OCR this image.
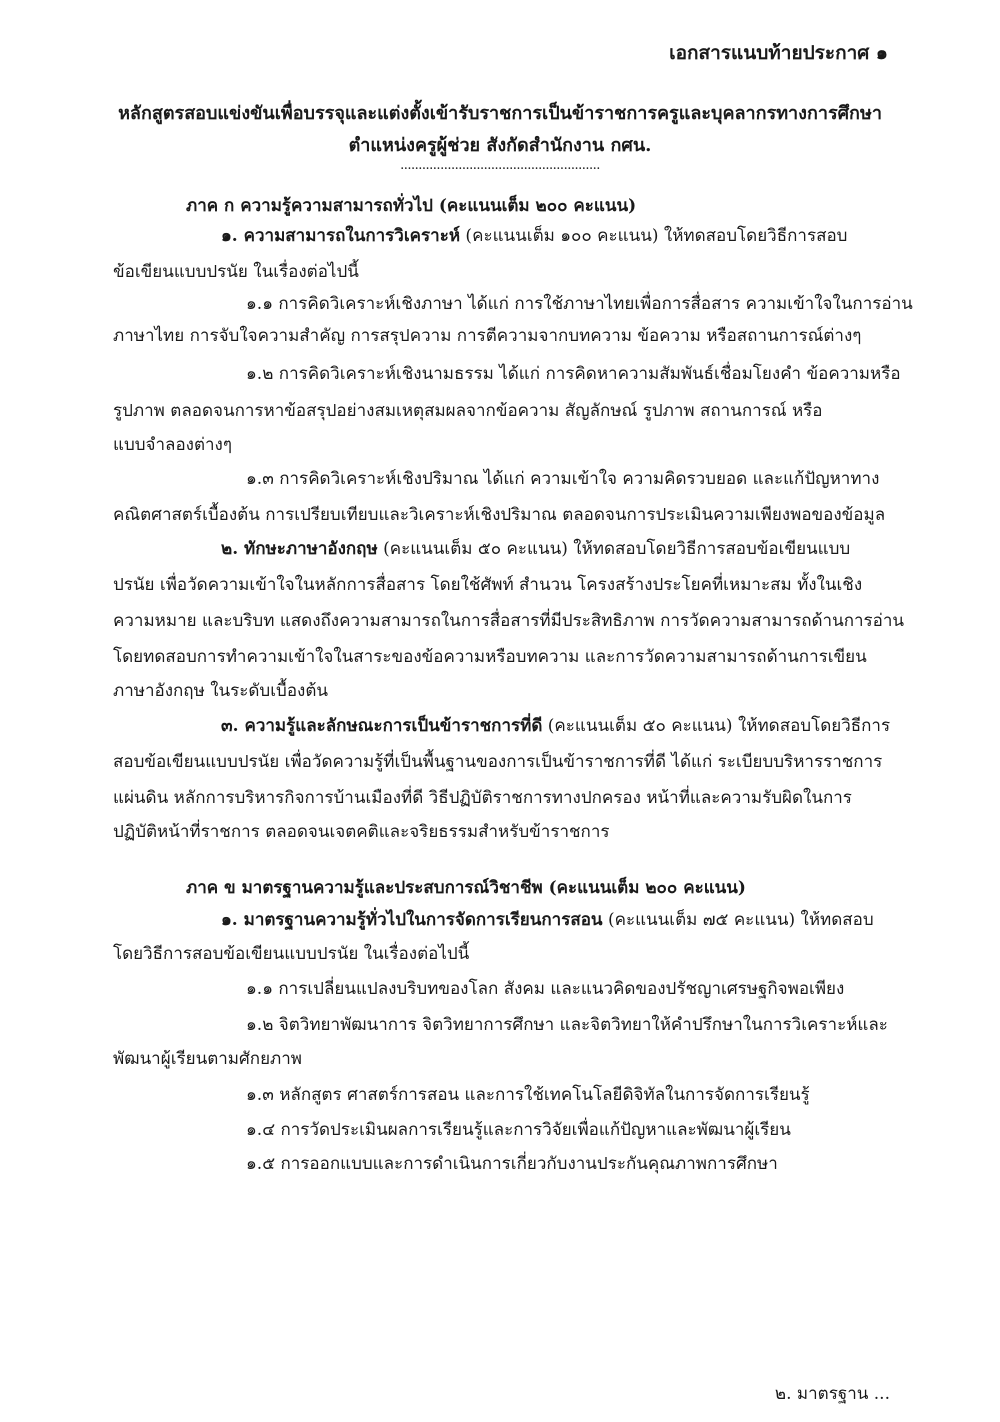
เอกสารแนบท้ายประกาศ ๑
หลักสูตรสอบแข่งขันเพื่อบรรจุและแต่งตั้งเข้ารับราชการเป็นข้าราชการครูและบุคลากรทางการศึกษา
ตำแหน่งครูผู้ช่วย สังกัดสำนักงาน กศน.
.......................................................
ภาค ก ความรู้ความสามารถทั่วไป (คะแนนเต็ม ๒๐๐ คะแนน)
๑. ความสามารถในการวิเคราะห์ (คะแนนเต็ม ๑๐๐ คะแนน) ให้ทดสอบโดยวิธีการสอบ
ข้อเขียนแบบปรนัย ในเรื่องต่อไปนี้
๑.๑ การคิดวิเคราะห์เชิงภาษา ได้แก่ การใช้ภาษาไทยเพื่อการสื่อสาร ความเข้าใจในการอ่าน
ภาษาไทย การจับใจความสำคัญ การสรุปความ การตีความจากบทความ ข้อความ หรือสถานการณ์ต่างๆ
๑.๒ การคิดวิเคราะห์เชิงนามธรรม ได้แก่ การคิดหาความสัมพันธ์เชื่อมโยงคำ ข้อความหรือ
รูปภาพ ตลอดจนการหาข้อสรุปอย่างสมเหตุสมผลจากข้อความ สัญลักษณ์ รูปภาพ สถานการณ์ หรือ
แบบจำลองต่างๆ
๑.๓ การคิดวิเคราะห์เชิงปริมาณ ได้แก่ ความเข้าใจ ความคิดรวบยอด และแก้ปัญหาทาง
คณิตศาสตร์เบื้องต้น การเปรียบเทียบและวิเคราะห์เชิงปริมาณ ตลอดจนการประเมินความเพียงพอของข้อมูล
๒. ทักษะภาษาอังกฤษ (คะแนนเต็ม ๕๐ คะแนน) ให้ทดสอบโดยวิธีการสอบข้อเขียนแบบ
ปรนัย เพื่อวัดความเข้าใจในหลักการสื่อสาร โดยใช้ศัพท์ สำนวน โครงสร้างประโยคที่เหมาะสม ทั้งในเชิง
ความหมาย และบริบท แสดงถึงความสามารถในการสื่อสารที่มีประสิทธิภาพ การวัดความสามารถด้านการอ่าน
โดยทดสอบการทำความเข้าใจในสาระของข้อความหรือบทความ และการวัดความสามารถด้านการเขียน
ภาษาอังกฤษ ในระดับเบื้องต้น
๓. ความรู้และลักษณะการเป็นข้าราชการที่ดี (คะแนนเต็ม ๕๐ คะแนน) ให้ทดสอบโดยวิธีการ
สอบข้อเขียนแบบปรนัย เพื่อวัดความรู้ที่เป็นพื้นฐานของการเป็นข้าราชการที่ดี ได้แก่ ระเบียบบริหารราชการ
แผ่นดิน หลักการบริหารกิจการบ้านเมืองที่ดี วิธีปฏิบัติราชการทางปกครอง หน้าที่และความรับผิดในการ
ปฏิบัติหน้าที่ราชการ ตลอดจนเจตคติและจริยธรรมสำหรับข้าราชการ
ภาค ข มาตรฐานความรู้และประสบการณ์วิชาชีพ (คะแนนเต็ม ๒๐๐ คะแนน)
๑. มาตรฐานความรู้ทั่วไปในการจัดการเรียนการสอน (คะแนนเต็ม ๗๕ คะแนน) ให้ทดสอบ
โดยวิธีการสอบข้อเขียนแบบปรนัย ในเรื่องต่อไปนี้
๑.๑ การเปลี่ยนแปลงบริบทของโลก สังคม และแนวคิดของปรัชญาเศรษฐกิจพอเพียง
๑.๒ จิตวิทยาพัฒนาการ จิตวิทยาการศึกษา และจิตวิทยาให้คำปรึกษาในการวิเคราะห์และ
พัฒนาผู้เรียนตามศักยภาพ
๑.๓ หลักสูตร ศาสตร์การสอน และการใช้เทคโนโลยีดิจิทัลในการจัดการเรียนรู้
๑.๔ การวัดประเมินผลการเรียนรู้และการวิจัยเพื่อแก้ปัญหาและพัฒนาผู้เรียน
๑.๕ การออกแบบและการดำเนินการเกี่ยวกับงานประกันคุณภาพการศึกษา
๒. มาตรฐาน ...
